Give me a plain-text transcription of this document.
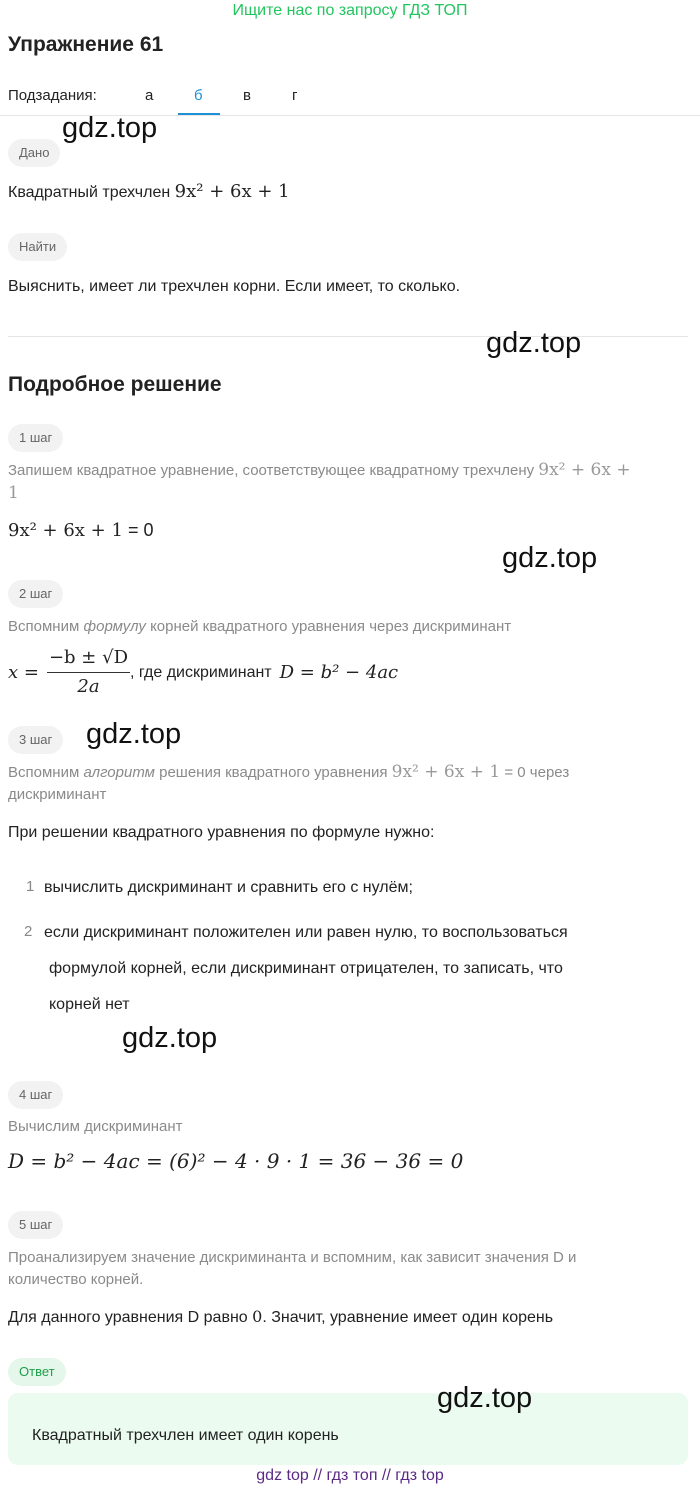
Ищите нас по запросу ГДЗ ТОП
Упражнение 61
Подзадания:	а	б	в	г
gdz.top
Дано
Квадратный трехчлен 9x² + 6x + 1
Найти
Выяснить, имеет ли трехчлен корни. Если имеет, то сколько.
gdz.top
Подробное решение
1 шаг
Запишем квадратное уравнение, соответствующее квадратному трехчлену 9x² + 6x +
1
9x² + 6x + 1 = 0
gdz.top
2 шаг
Вспомним формулу корней квадратного уравнения через дискриминант
$x = \frac{-b \pm √D}{2a}$ , где дискриминант D = b² − 4ac
3 шаг	gdz.top
Вспомним алгоритм решения квадратного уравнения 9x² + 6x + 1 = 0 через
дискриминант
При решении квадратного уравнения по формуле нужно:
1 вычислить дискриминант и сравнить его с нулём;
2 если дискриминант положителен или равен нулю, то воспользоваться
формулой корней, если дискриминант отрицателен, то записать, что
корней нет
gdz.top
4 шаг
Вычислим дискриминант
D = b² − 4ac = (6)² − 4 · 9 · 1 = 36 − 36 = 0
5 шаг
Проанализируем значение дискриминанта и вспомним, как зависит значения D и
количество корней.
Для данного уравнения D равно 0. Значит, уравнение имеет один корень
Ответ
Квадратный трехчлен имеет один корень
gdz.top
gdz top // гдз топ // гдз top
